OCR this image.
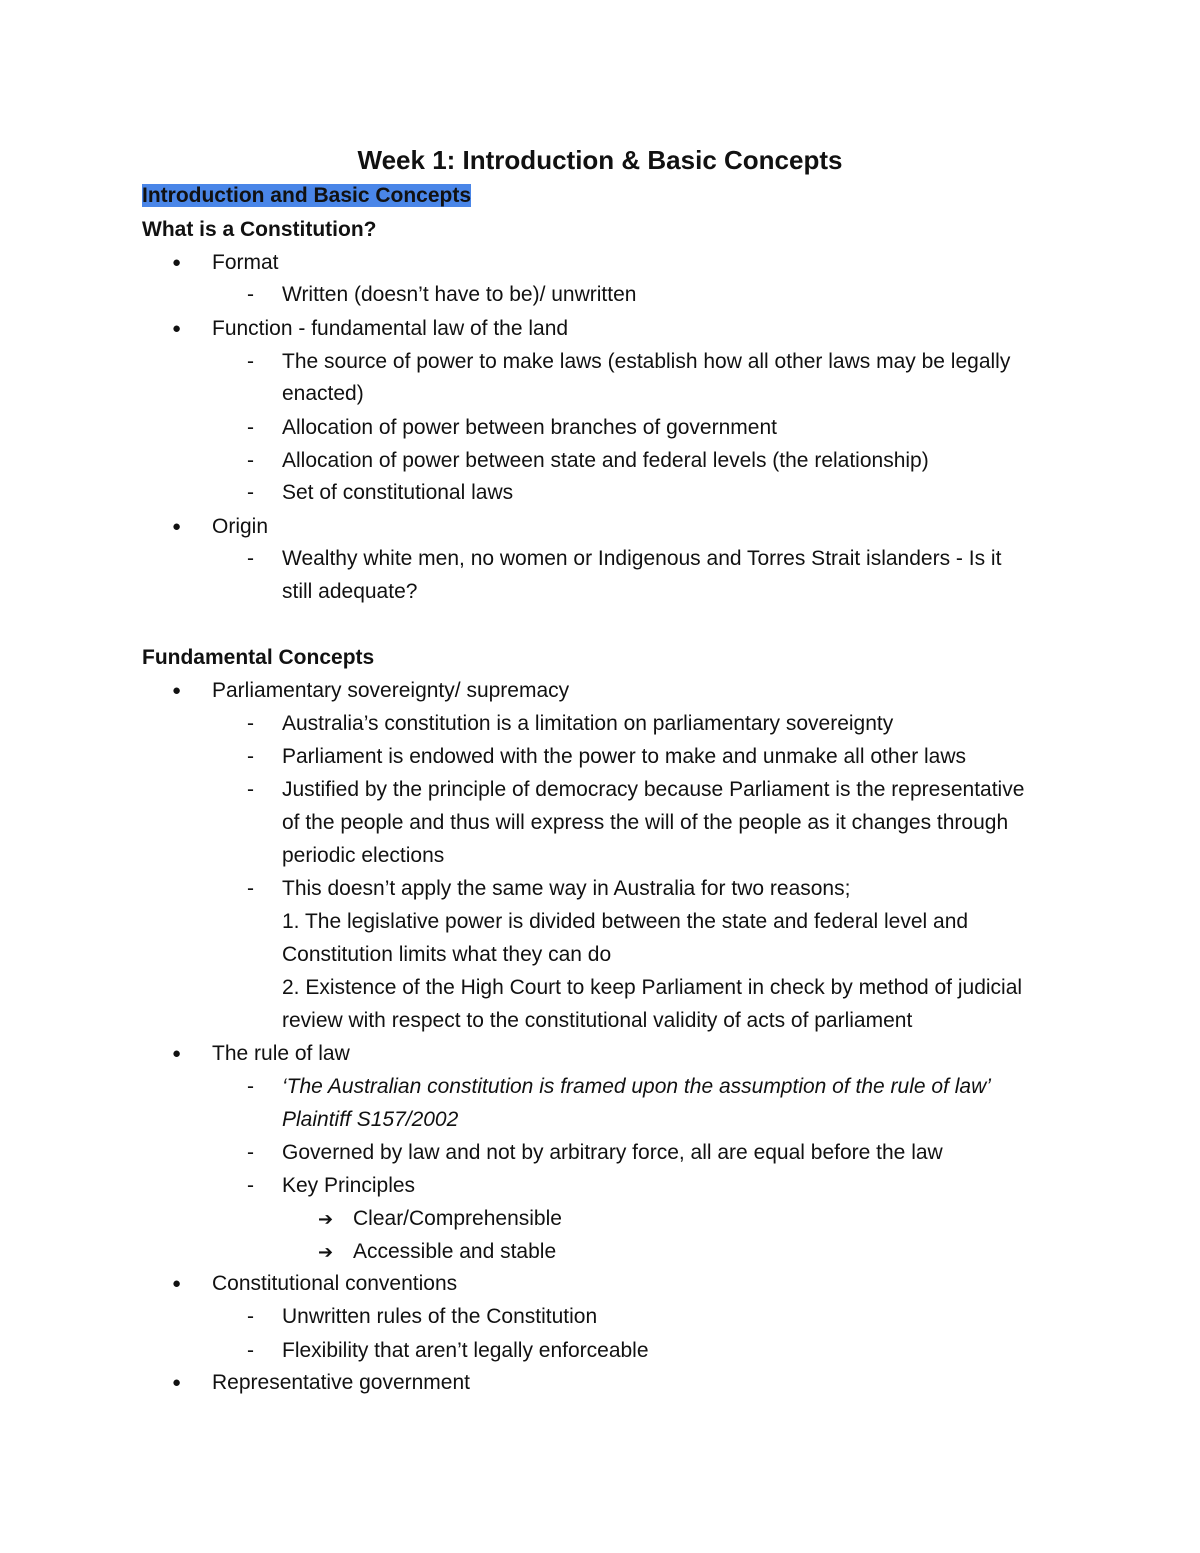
Week 1: Introduction & Basic Concepts
Introduction and Basic Concepts
What is a Constitution?
● Format
- Written (doesn’t have to be)/ unwritten
● Function - fundamental law of the land
- The source of power to make laws (establish how all other laws may be legally
enacted)
- Allocation of power between branches of government
- Allocation of power between state and federal levels (the relationship)
- Set of constitutional laws
● Origin
- Wealthy white men, no women or Indigenous and Torres Strait islanders - Is it
still adequate?
Fundamental Concepts
● Parliamentary sovereignty/ supremacy
- Australia’s constitution is a limitation on parliamentary sovereignty
- Parliament is endowed with the power to make and unmake all other laws
- Justified by the principle of democracy because Parliament is the representative
of the people and thus will express the will of the people as it changes through
periodic elections
- This doesn’t apply the same way in Australia for two reasons;
1. The legislative power is divided between the state and federal level and
Constitution limits what they can do
2. Existence of the High Court to keep Parliament in check by method of judicial
review with respect to the constitutional validity of acts of parliament
● The rule of law
- ‘The Australian constitution is framed upon the assumption of the rule of law’
Plaintiff S157/2002
- Governed by law and not by arbitrary force, all are equal before the law
- Key Principles
➔ Clear/Comprehensible
➔ Accessible and stable
● Constitutional conventions
- Unwritten rules of the Constitution
- Flexibility that aren’t legally enforceable
● Representative government
